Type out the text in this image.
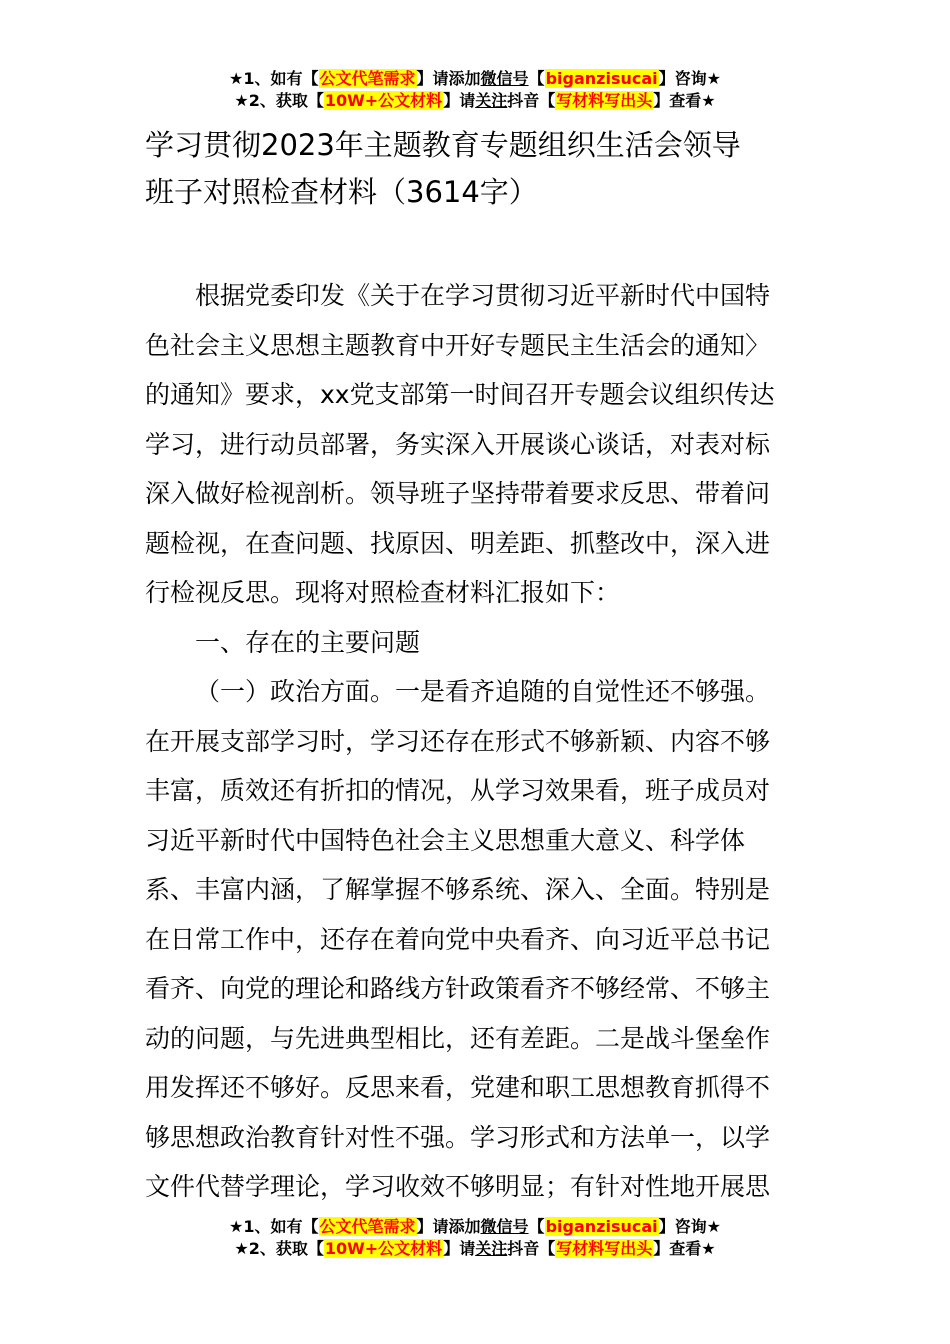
★1、如有【公文代笔需求】请添加微信号【biganzisucai】咨询★
★2、获取【10W+公文材料】请关注抖音【写材料写出头】查看★
学习贯彻2023年主题教育专题组织生活会领导
班子对照检查材料（3614字）
根据党委印发《关于在学习贯彻习近平新时代中国特
色社会主义思想主题教育中开好专题民主生活会的通知〉
的通知》要求，xx党支部第一时间召开专题会议组织传达
学习，进行动员部署，务实深入开展谈心谈话，对表对标
深入做好检视剖析。领导班子坚持带着要求反思、带着问
题检视，在查问题、找原因、明差距、抓整改中，深入进
行检视反思。现将对照检查材料汇报如下：
一、存在的主要问题
（一）政治方面。一是看齐追随的自觉性还不够强。
在开展支部学习时，学习还存在形式不够新颖、内容不够
丰富，质效还有折扣的情况，从学习效果看，班子成员对
习近平新时代中国特色社会主义思想重大意义、科学体
系、丰富内涵，了解掌握不够系统、深入、全面。特别是
在日常工作中，还存在着向党中央看齐、向习近平总书记
看齐、向党的理论和路线方针政策看齐不够经常、不够主
动的问题，与先进典型相比，还有差距。二是战斗堡垒作
用发挥还不够好。反思来看，党建和职工思想教育抓得不
够思想政治教育针对性不强。学习形式和方法单一，以学
文件代替学理论，学习收效不够明显；有针对性地开展思
★1、如有【公文代笔需求】请添加微信号【biganzisucai】咨询★
★2、获取【10W+公文材料】请关注抖音【写材料写出头】查看★
